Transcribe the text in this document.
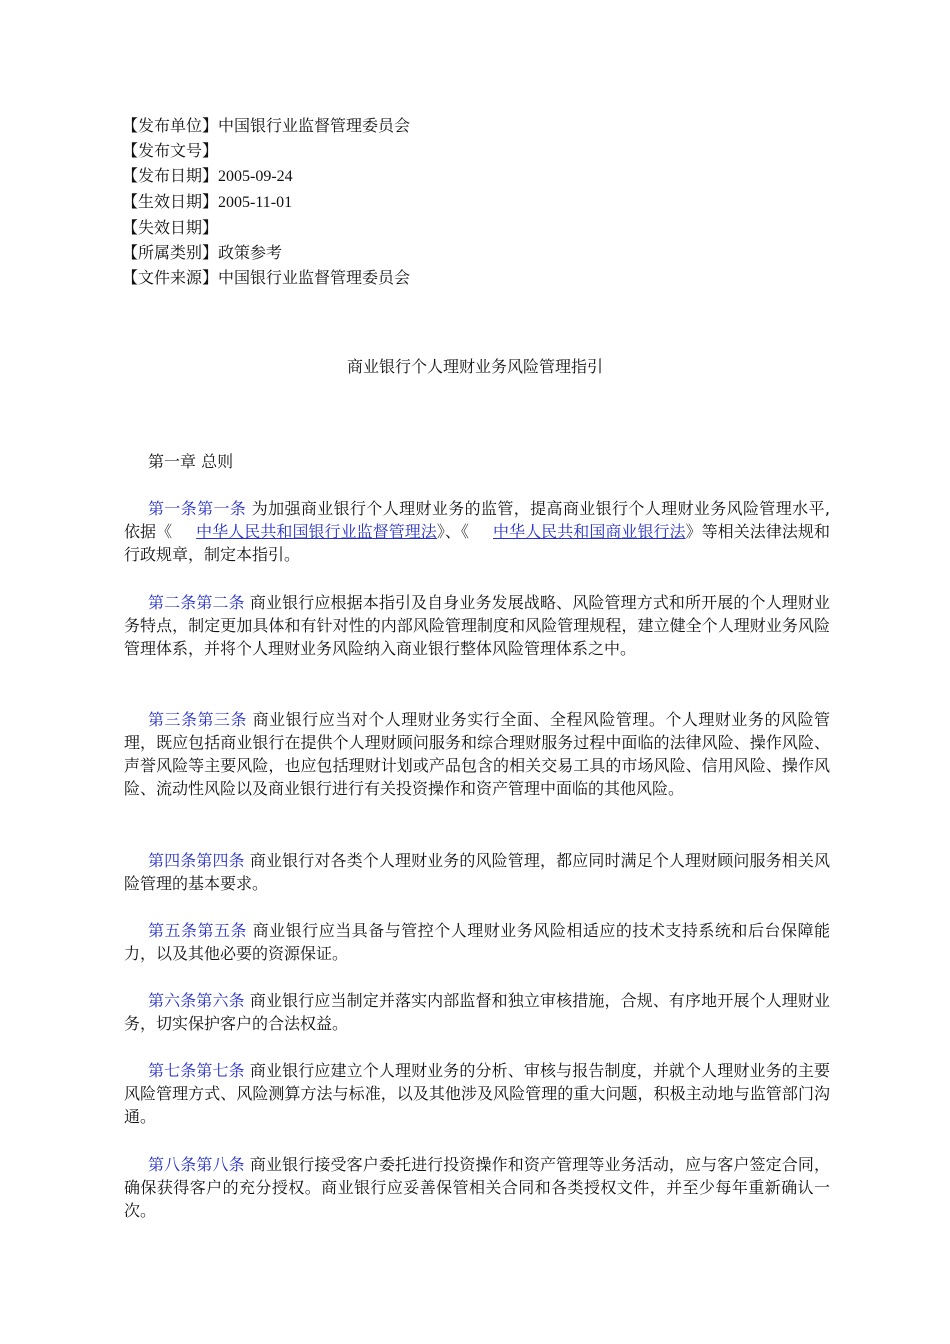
【发布单位】中国银行业监督管理委员会
【发布文号】
【发布日期】2005-09-24
【生效日期】2005-11-01
【失效日期】
【所属类别】政策参考
【文件来源】中国银行业监督管理委员会
商业银行个人理财业务风险管理指引
第一章 总则

第一条第一条 为加强商业银行个人理财业务的监管，提高商业银行个人理财业务风险管理水平,依据《 中华人民共和国银行业监督管理法》、《 中华人民共和国商业银行法》等相关法律法规和行政规章，制定本指引。

第二条第二条 商业银行应根据本指引及自身业务发展战略、风险管理方式和所开展的个人理财业务特点，制定更加具体和有针对性的内部风险管理制度和风险管理规程，建立健全个人理财业务风险管理体系，并将个人理财业务风险纳入商业银行整体风险管理体系之中。

第三条第三条 商业银行应当对个人理财业务实行全面、全程风险管理。个人理财业务的风险管理，既应包括商业银行在提供个人理财顾问服务和综合理财服务过程中面临的法律风险、操作风险、声誉风险等主要风险，也应包括理财计划或产品包含的相关交易工具的市场风险、信用风险、操作风险、流动性风险以及商业银行进行有关投资操作和资产管理中面临的其他风险。

第四条第四条 商业银行对各类个人理财业务的风险管理，都应同时满足个人理财顾问服务相关风险管理的基本要求。

第五条第五条 商业银行应当具备与管控个人理财业务风险相适应的技术支持系统和后台保障能力，以及其他必要的资源保证。

第六条第六条 商业银行应当制定并落实内部监督和独立审核措施，合规、有序地开展个人理财业务，切实保护客户的合法权益。

第七条第七条 商业银行应建立个人理财业务的分析、审核与报告制度，并就个人理财业务的主要风险管理方式、风险测算方法与标准，以及其他涉及风险管理的重大问题，积极主动地与监管部门沟通。

第八条第八条 商业银行接受客户委托进行投资操作和资产管理等业务活动，应与客户签定合同，确保获得客户的充分授权。商业银行应妥善保管相关合同和各类授权文件，并至少每年重新确认一次。
